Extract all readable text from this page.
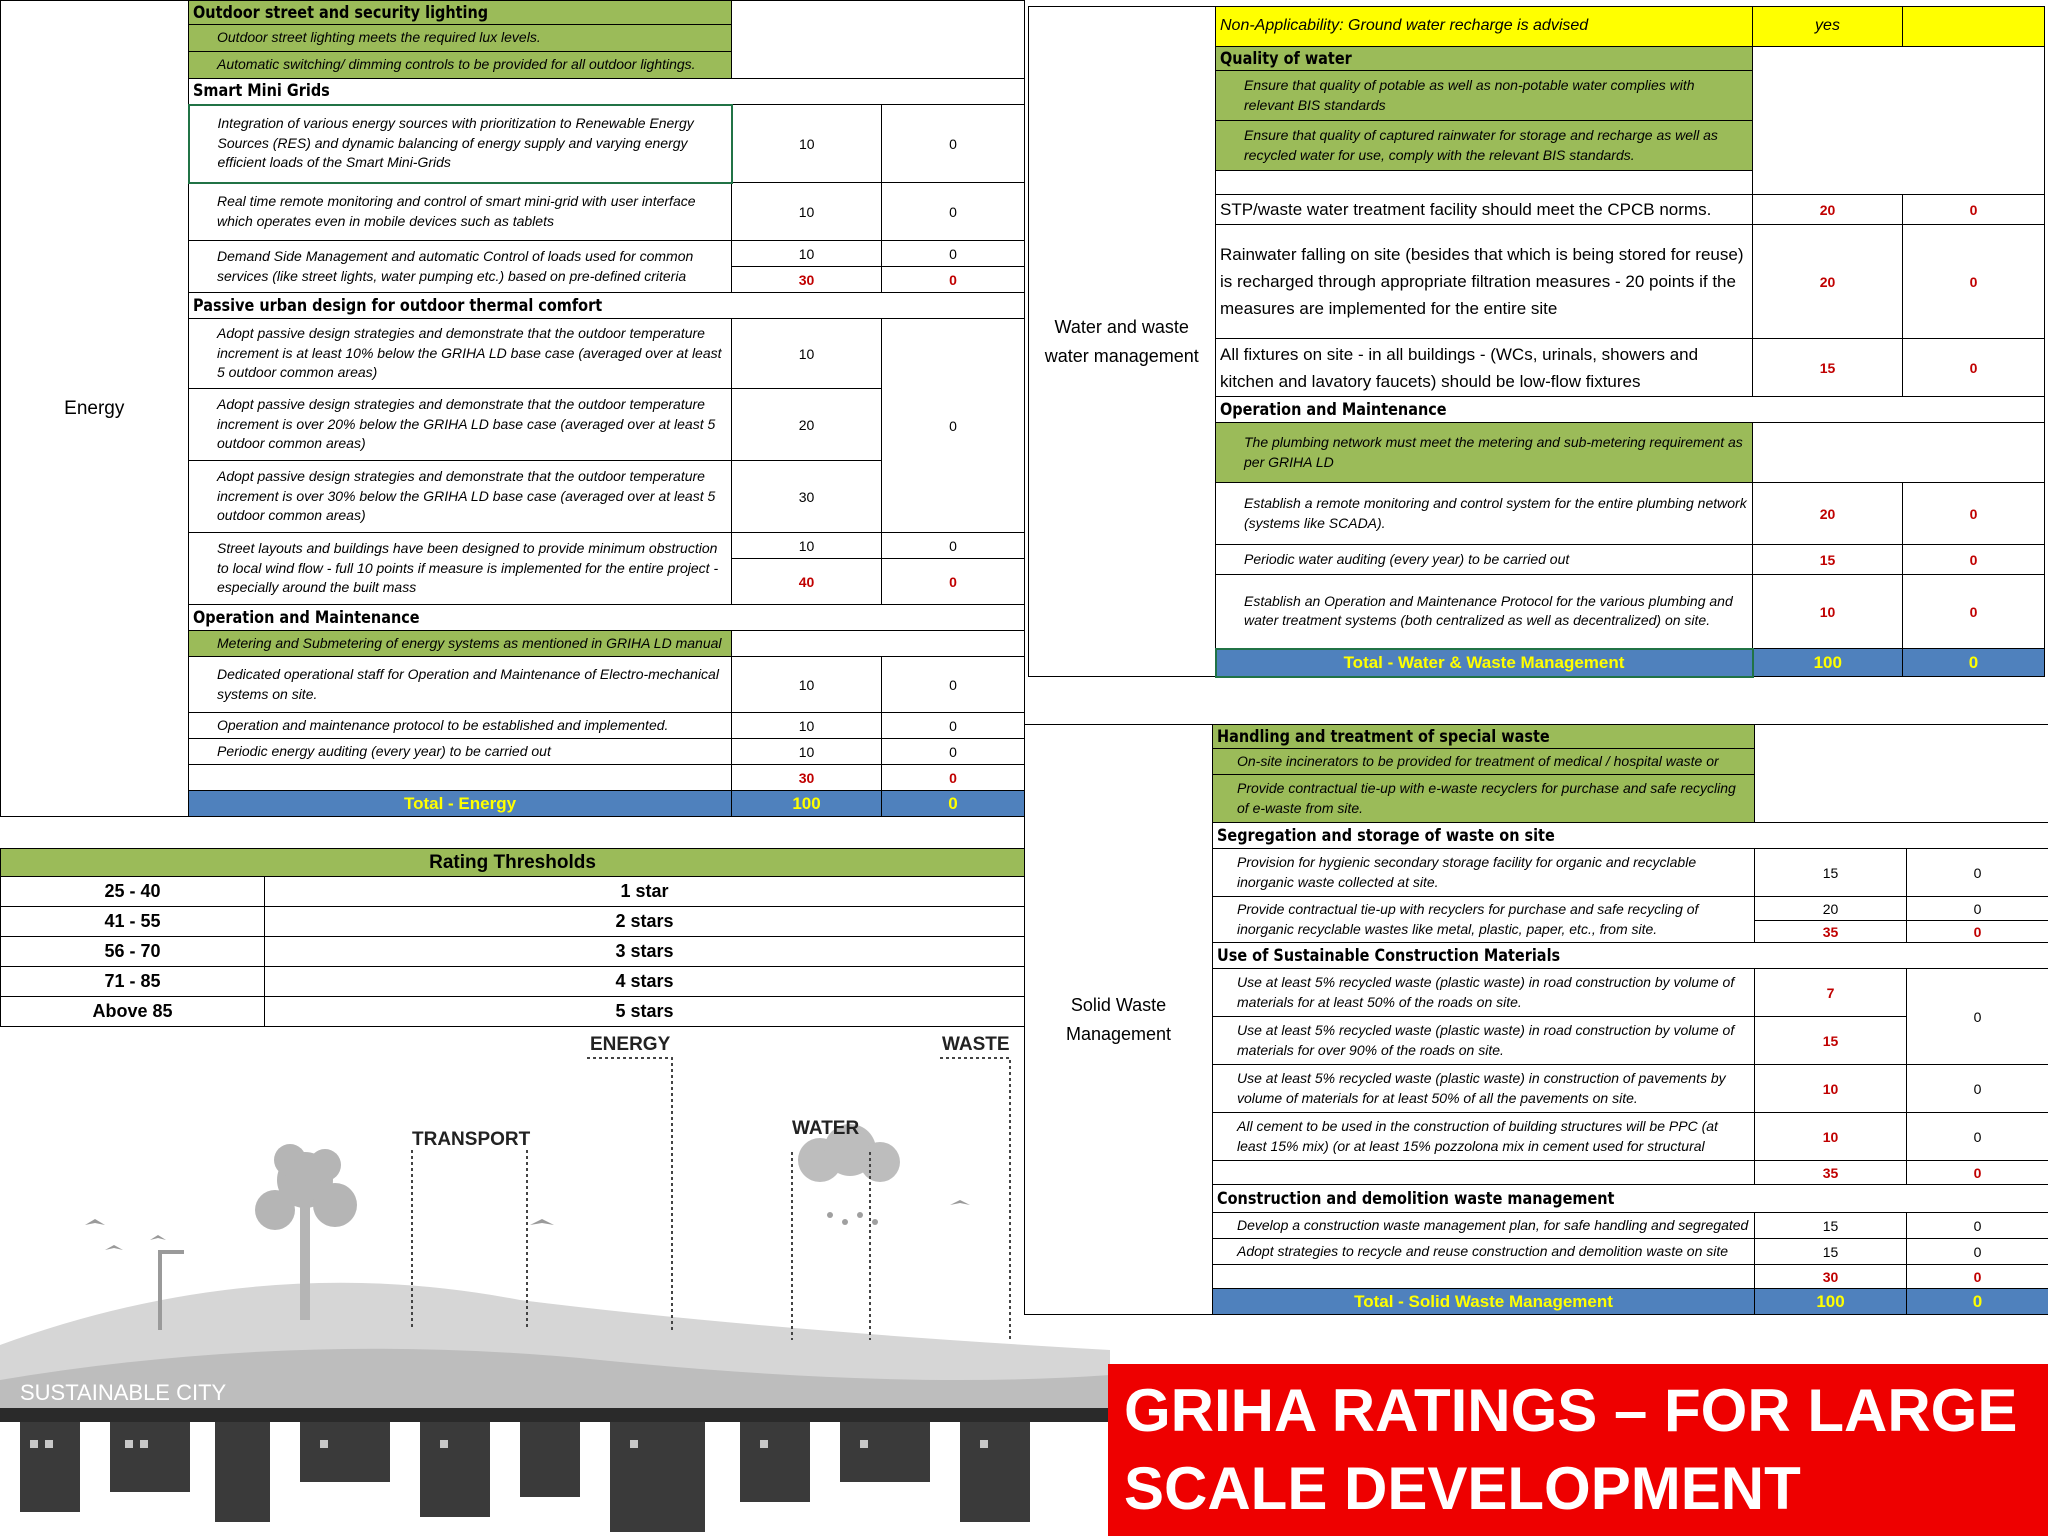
Energy	Outdoor street and security lighting		
	Outdoor street lighting meets the required lux levels.		
	Automatic switching/ dimming controls to be provided for all outdoor lightings.		
	Smart Mini Grids		
	Integration of various energy sources with prioritization to Renewable Energy Sources (RES) and dynamic balancing of energy supply and varying energy efficient loads of the Smart Mini-Grids	10	0
	Real time remote monitoring and control of smart mini-grid with user interface which operates even in mobile devices such as tablets	10	0
	Demand Side Management and automatic Control of loads used for common services (like street lights, water pumping etc.) based on pre-defined criteria	10	0
		30	0
	Passive urban design for outdoor thermal comfort		
	Adopt passive design strategies and demonstrate that the outdoor temperature increment is at least 10% below the GRIHA LD base case (averaged over at least 5 outdoor common areas)	10	0
	Adopt passive design strategies and demonstrate that the outdoor temperature increment is over 20% below the GRIHA LD base case (averaged over at least 5 outdoor common areas)	20	
	Adopt passive design strategies and demonstrate that the outdoor temperature increment is over 30% below the GRIHA LD base case (averaged over at least 5 outdoor common areas)	30	
	Street layouts and buildings have been designed to provide minimum obstruction to local wind flow - full 10 points if measure is implemented for the entire project - especially around the built mass	10	0
		40	0
	Operation and Maintenance		
	Metering and Submetering of energy systems as mentioned in GRIHA LD manual		
	Dedicated operational staff for Operation and Maintenance of Electro-mechanical systems on site.	10	0
	Operation and maintenance protocol to be established and implemented.	10	0
	Periodic energy auditing (every year) to be carried out	10	0
		30	0
	Total - Energy	100	0
Rating Thresholds	
25 - 40	1 star
41 - 55	2 stars
56 - 70	3 stars
71 - 85	4 stars
Above 85	5 stars
ENERGY	WASTE
TRANSPORT
WATER
SUSTAINABLE CITY
Water and waste water management	Non-Applicability: Ground water recharge is advised	yes	
	Quality of water		
	Ensure that quality of potable as well as non-potable water complies with relevant BIS standards		
	Ensure that quality of captured rainwater for storage and recharge as well as recycled water for use, comply with the relevant BIS standards.		

	STP/waste water treatment facility should meet the CPCB norms.	20	0
	Rainwater falling on site (besides that which is being stored for reuse) is recharged through appropriate filtration measures - 20 points if the measures are implemented for the entire site	20	0
	All fixtures on site - in all buildings - (WCs, urinals, showers and kitchen and lavatory faucets) should be low-flow fixtures	15	0
	Operation and Maintenance		
	The plumbing network must meet the metering and sub-metering requirement as per GRIHA LD		
	Establish a remote monitoring and control system for the entire plumbing network (systems like SCADA).	20	0
	Periodic water auditing (every year) to be carried out	15	0
	Establish an Operation and Maintenance Protocol for the various plumbing and water treatment systems (both centralized as well as decentralized) on site.	10	0
	Total - Water & Waste Management	100	0
Solid Waste Management	Handling and treatment of special waste		
	On-site incinerators to be provided for treatment of medical / hospital waste or		
	Provide contractual tie-up with e-waste recyclers for purchase and safe recycling of e-waste from site.		
	Segregation and storage of waste on site		
	Provision for hygienic secondary storage facility for organic and recyclable inorganic waste collected at site.	15	0
	Provide contractual tie-up with recyclers for purchase and safe recycling of inorganic recyclable wastes like metal, plastic, paper, etc., from site.	20	0
		35	0
	Use of Sustainable Construction Materials		
	Use at least 5% recycled waste (plastic waste) in road construction by volume of materials for at least 50% of the roads on site.	7	0
	Use at least 5% recycled waste (plastic waste) in road construction by volume of materials for over 90% of the roads on site.	15	
	Use at least 5% recycled waste (plastic waste) in construction of pavements by volume of materials for at least 50% of all the pavements on site.	10	0
	All cement to be used in the construction of building structures will be PPC (at least 15% mix) (or at least 15% pozzolona mix in cement used for structural	10	0
		35	0
	Construction and demolition waste management		
	Develop a construction waste management plan, for safe handling and segregated	15	0
	Adopt strategies to recycle and reuse construction and demolition waste on site	15	0
		30	0
	Total - Solid Waste Management	100	0
GRIHA RATINGS – FOR LARGE
SCALE DEVELOPMENT
